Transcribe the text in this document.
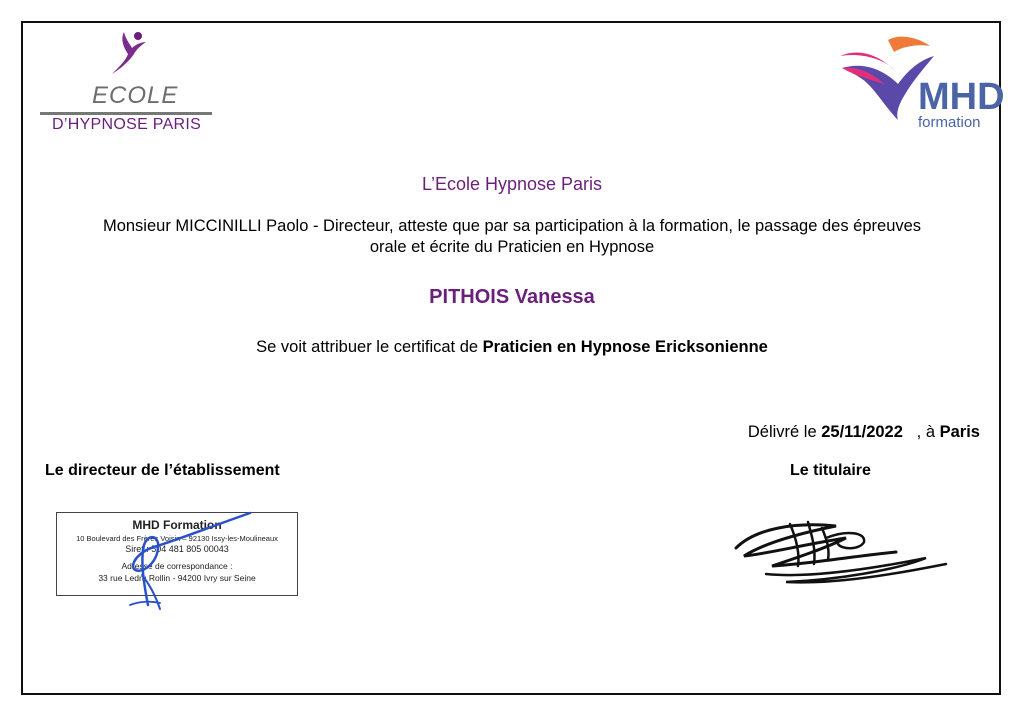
ECOLE
D’HYPNOSE PARIS
MHD
formation
L’Ecole Hypnose Paris
Monsieur MICCINILLI Paolo - Directeur, atteste que par sa participation à la formation, le passage des épreuves
orale et écrite du Praticien en Hypnose
PITHOIS Vanessa
Se voit attribuer le certificat de Praticien en Hypnose Ericksonienne
Délivré le 25/11/2022 , à Paris
Le directeur de l’établissement	Le titulaire
MHD Formation
10 Boulevard des Frères Voisin – 92130 Issy-les-Moulineaux
Siret : 504 481 805 00043
Adresse de correspondance :
33 rue Ledru Rollin - 94200 Ivry sur Seine
